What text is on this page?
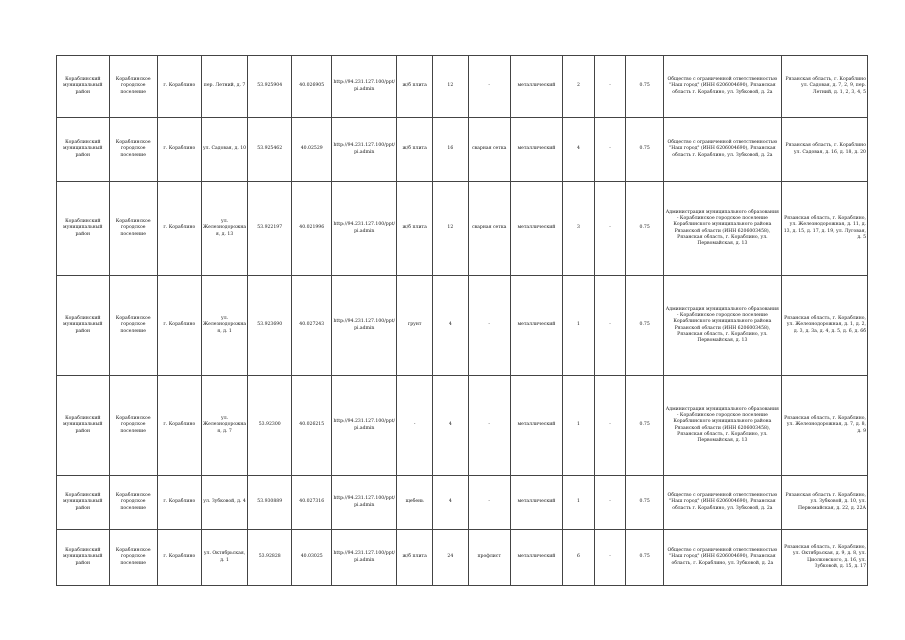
Кораблинский муниципальный район	Кораблинское городское поселение	г. Кораблино	пер. Летний, д. 7	53.925904	40.026905	http://94.231.127.100/ppt/pi.admin	ж/б плита	12	-	металлический	2	-	0.75	Общество с ограниченной ответственностью "Наш город" (ИНН 6206004690), Рязанская область г. Кораблино, ул. Зубковой, д. 2а	Рязанская область, г. Кораблино ул. Садовая, д. 7, 2, 9, пер. Летний, д. 1, 2, 3, 4, 5
Кораблинский муниципальный район	Кораблинское городское поселение	г. Кораблино	ул. Садовая, д. 10	53.925462	40.02529	http://94.231.127.100/ppt/pi.admin	ж/б плита	16	сварная сетка	металлический	4	-	0.75	Общество с ограниченной ответственностью "Наш город" (ИНН 6206004690), Рязанская область г. Кораблино, ул. Зубковой, д. 2а	Рязанская область, г. Кораблино ул. Садовая, д. 16, д. 18, д. 20
Кораблинский муниципальный район	Кораблинское городское поселение	г. Кораблино	ул. Железнодорожная, д. 13	53.922197	40.021996	http://94.231.127.100/ppt/pi.admin	ж/б плита	12	сварная сетка	металлический	3	-	0.75	Администрация муниципального образования - Кораблинское городское поселение Кораблинского муниципального района Рязанской области (ИНН 6206003458), Рязанская область, г. Кораблино, ул. Первомайская, д. 13	Рязанская область, г. Кораблино, ул. Железнодорожная, д. 11, д. 13, д. 15, д. 17, д. 19, ул. Луговая, д. 5
Кораблинский муниципальный район	Кораблинское городское поселение	г. Кораблино	ул. Железнодорожная, д. 1	53.923690	40.027243	http://94.231.127.100/ppt/pi.admin	грунт	4	-	металлический	1	-	0.75	Администрация муниципального образования - Кораблинское городское поселение Кораблинского муниципального района Рязанской области (ИНН 6206003458), Рязанская область, г. Кораблино, ул. Первомайская, д. 13	Рязанская область, г. Кораблино, ул. Железнодорожная, д. 1, д. 2, д. 3, д. 3а, д. 4, д. 5, д. 6, д. 6б
Кораблинский муниципальный район	Кораблинское городское поселение	г. Кораблино	ул. Железнодорожная, д. 7	53.92300	40.026215	http://94.231.127.100/ppt/pi.admin	-	4	-	металлический	1	-	0.75	Администрация муниципального образования - Кораблинское городское поселение Кораблинского муниципального района Рязанской области (ИНН 6206003458), Рязанская область, г. Кораблино, ул. Первомайская, д. 13	Рязанская область, г. Кораблино, ул. Железнодорожная, д. 7, д. 8, д. 9
Кораблинский муниципальный район	Кораблинское городское поселение	г. Кораблино	ул. Зубковой, д. 4	53.930889	40.027316	http://94.231.127.100/ppt/pi.admin	щебень	4	-	металлический	1	-	0.75	Общество с ограниченной ответственностью "Наш город" (ИНН 6206004690), Рязанская область г. Кораблино, ул. Зубковой, д. 2а	Рязанская область г. Кораблино, ул. Зубковой, д. 10, ул. Первомайская, д. 22, д. 22А
Кораблинский муниципальный район	Кораблинское городское поселение	г. Кораблино	ул. Октябрьская, д. 1	53.92828	40.03025	http://94.231.127.100/ppt/pi.admin	ж/б плита	24	профлист	металлический	6	-	0.75	Общество с ограниченной ответственностью "Наш город" (ИНН 6206004690), Рязанская область, г. Кораблино, ул. Зубковой, д. 2а	Рязанская область, г. Кораблино, ул. Октябрьская, д. 9, д. 8, ул. Циолковского, д. 16, ул. Зубковой, д. 15, д. 17
